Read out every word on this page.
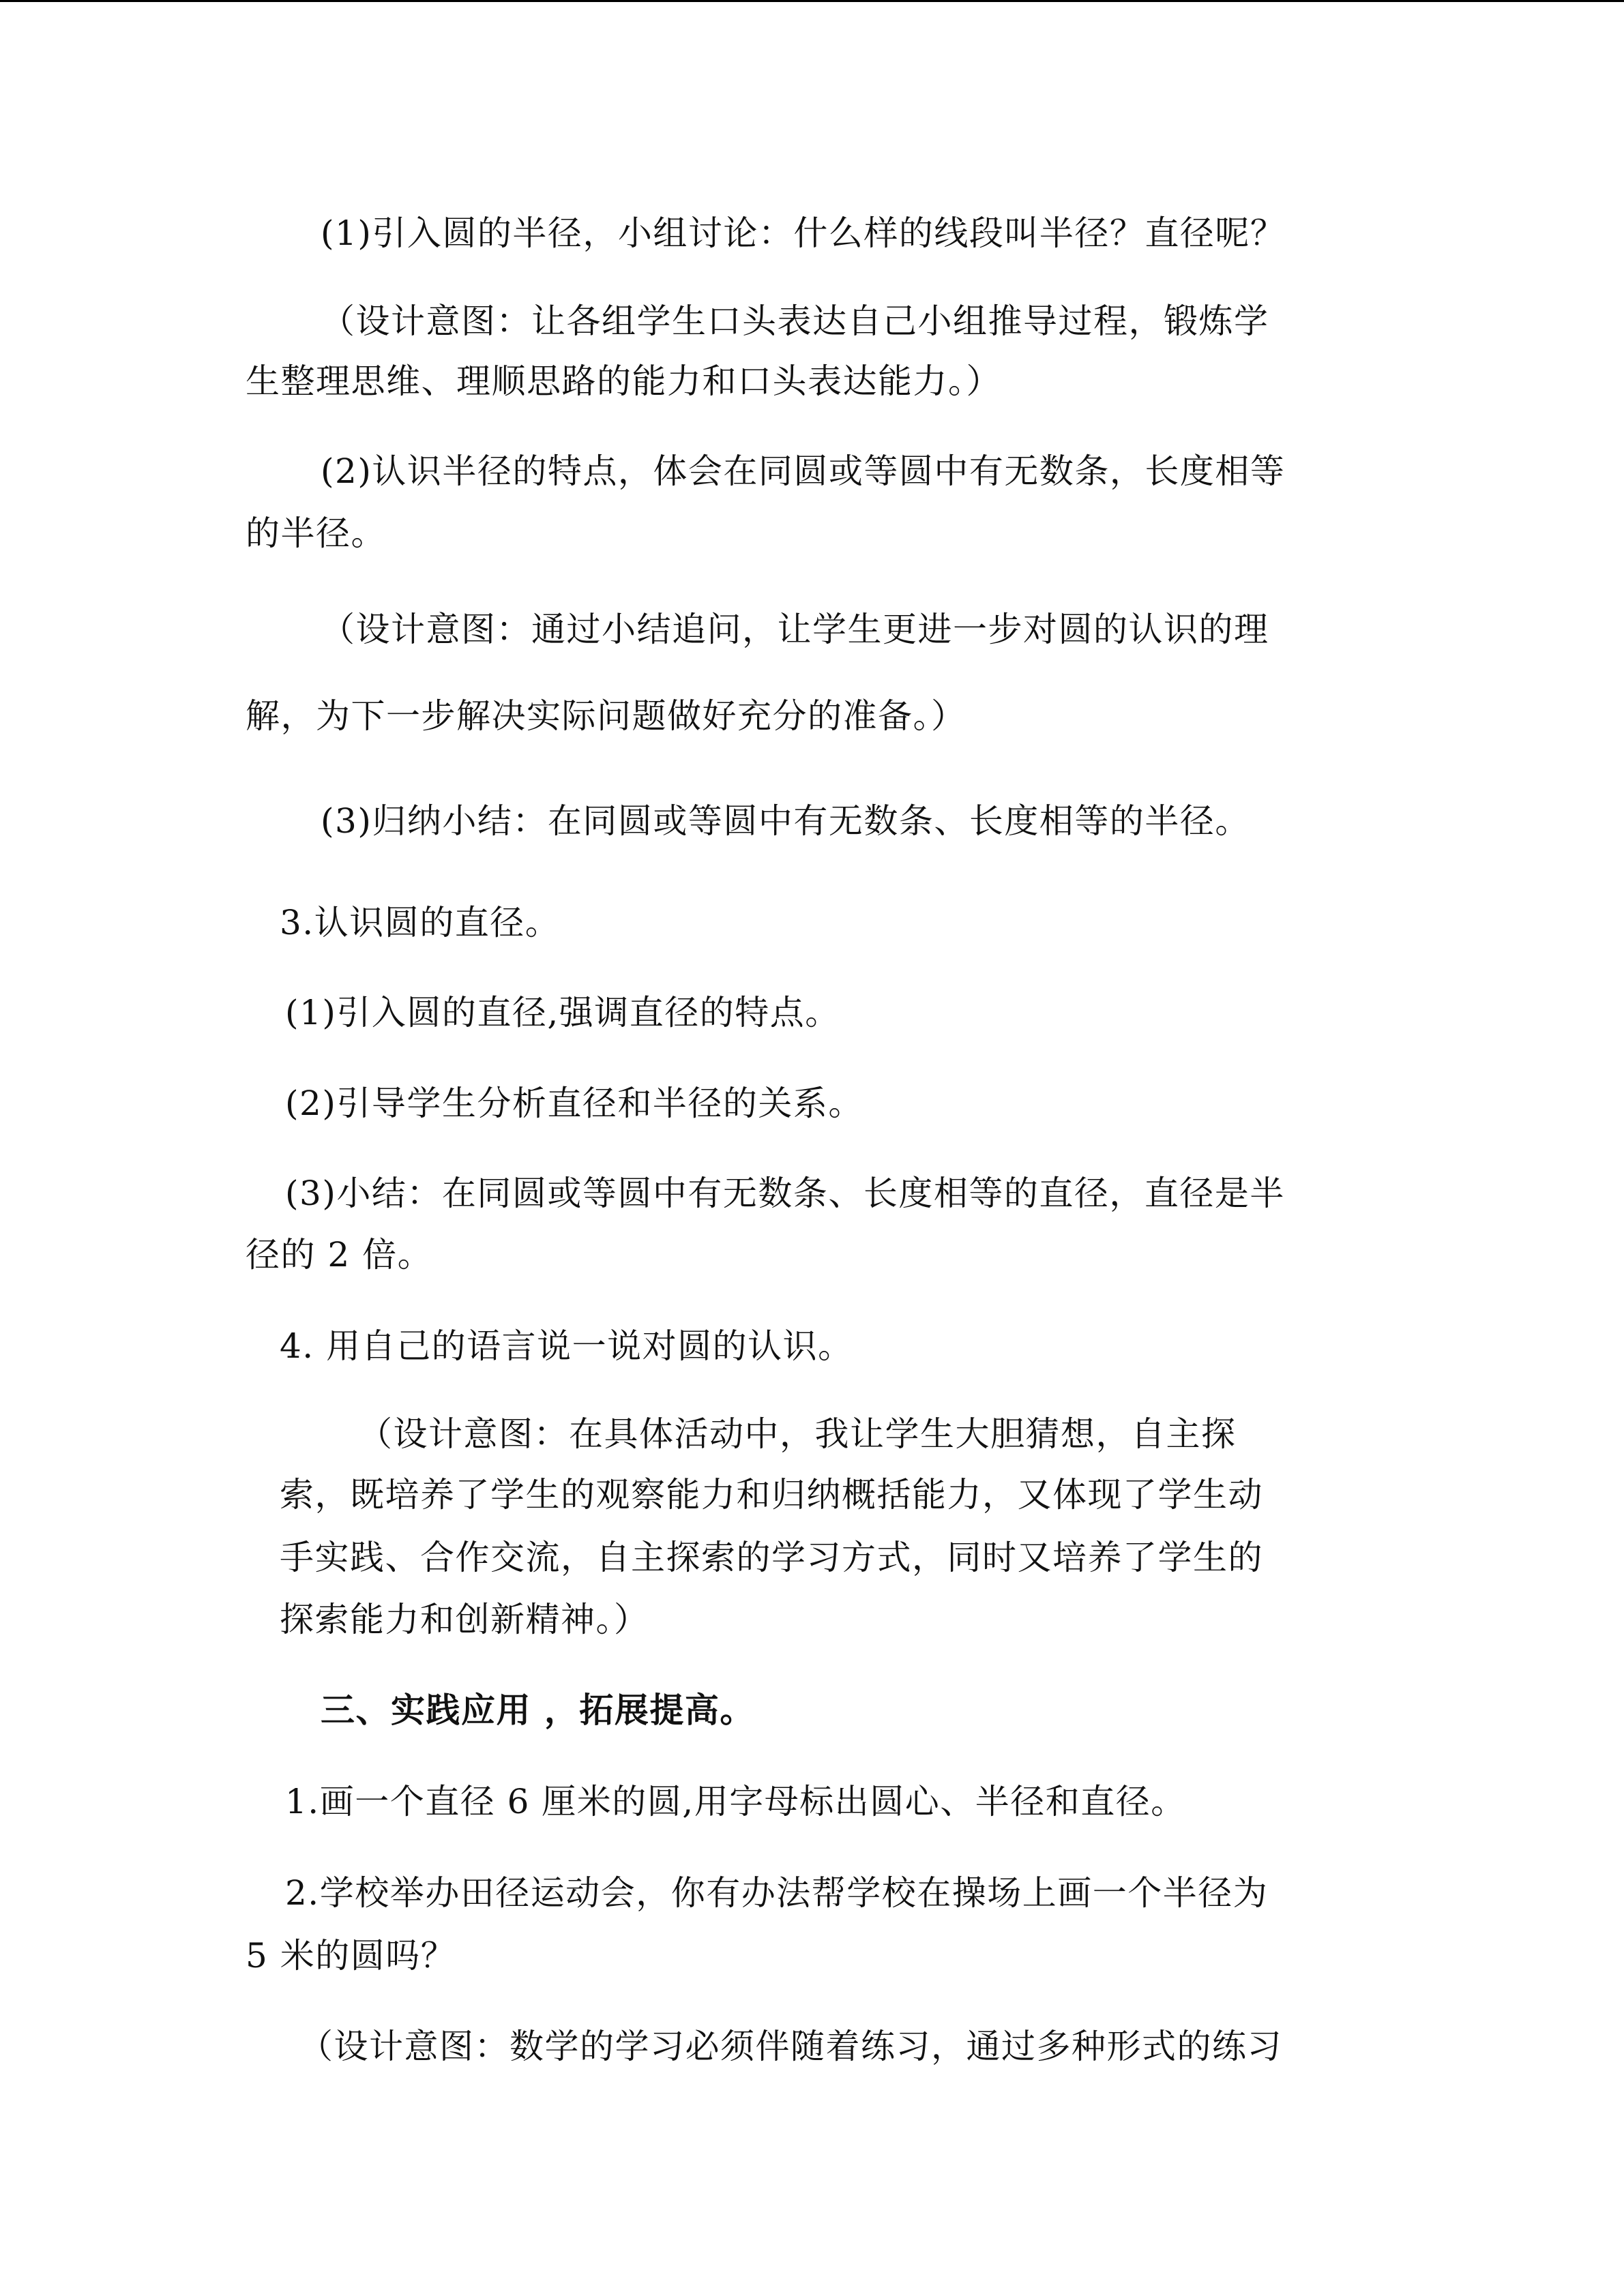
(1)引入圆的半径，小组讨论：什么样的线段叫半径？直径呢？
（设计意图：让各组学生口头表达自己小组推导过程，锻炼学
生整理思维、理顺思路的能力和口头表达能力。）
(2)认识半径的特点，体会在同圆或等圆中有无数条，长度相等
的半径。
（设计意图：通过小结追问，让学生更进一步对圆的认识的理
解，为下一步解决实际问题做好充分的准备。）
(3)归纳小结：在同圆或等圆中有无数条、长度相等的半径。
3.认识圆的直径。
(1)引入圆的直径,强调直径的特点。
(2)引导学生分析直径和半径的关系。
(3)小结：在同圆或等圆中有无数条、长度相等的直径，直径是半
径的 2 倍。
4. 用自己的语言说一说对圆的认识。
（设计意图：在具体活动中，我让学生大胆猜想，自主探
索，既培养了学生的观察能力和归纳概括能力，又体现了学生动
手实践、合作交流，自主探索的学习方式，同时又培养了学生的
探索能力和创新精神。）
三、实践应用 ，拓展提高。
1.画一个直径 6 厘米的圆,用字母标出圆心、半径和直径。
2.学校举办田径运动会，你有办法帮学校在操场上画一个半径为
5 米的圆吗？
（设计意图：数学的学习必须伴随着练习，通过多种形式的练习
